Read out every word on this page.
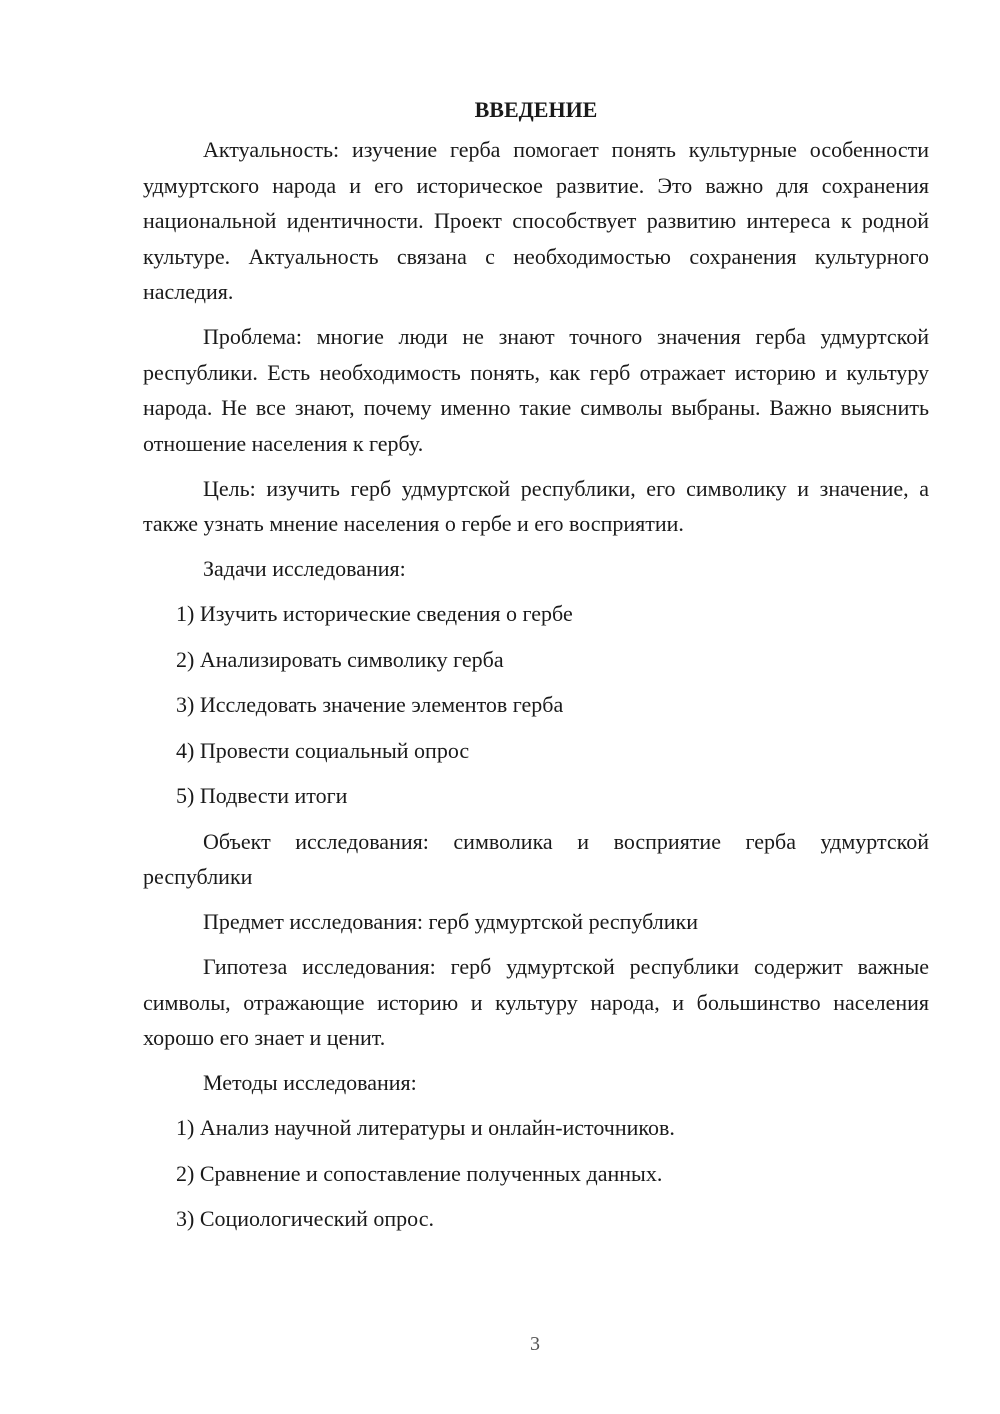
ВВЕДЕНИЕ

Актуальность: изучение герба помогает понять культурные особенности удмуртского народа и его историческое развитие. Это важно для сохранения национальной идентичности. Проект способствует развитию интереса к родной культуре. Актуальность связана с необходимостью сохранения культурного наследия.

Проблема: многие люди не знают точного значения герба удмуртской республики. Есть необходимость понять, как герб отражает историю и культуру народа. Не все знают, почему именно такие символы выбраны. Важно выяснить отношение населения к гербу.

Цель: изучить герб удмуртской республики, его символику и значение, а также узнать мнение населения о гербе и его восприятии.

Задачи исследования:

1) Изучить исторические сведения о гербе
2) Анализировать символику герба
3) Исследовать значение элементов герба
4) Провести социальный опрос
5) Подвести итоги

Объект исследования: символика и восприятие герба удмуртской республики

Предмет исследования: герб удмуртской республики

Гипотеза исследования: герб удмуртской республики содержит важные символы, отражающие историю и культуру народа, и большинство населения хорошо его знает и ценит.

Методы исследования:

1) Анализ научной литературы и онлайн-источников.
2) Сравнение и сопоставление полученных данных.
3) Социологический опрос.
3
